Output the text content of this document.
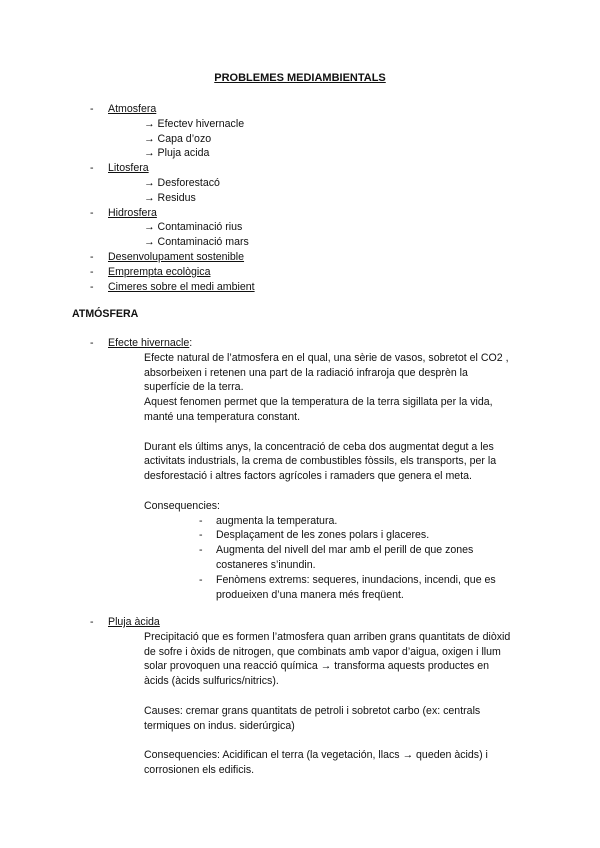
PROBLEMES MEDIAMBIENTALS
- Atmosfera
→ Efectev hivernacle
→ Capa d’ozo
→ Pluja acida
- Litosfera
→ Desforestacó
→ Residus
- Hidrosfera
→ Contaminació rius
→ Contaminació mars
- Desenvolupament sostenible
- Emprempta ecològica
- Cimeres sobre el medi ambient
ATMÓSFERA
- Efecte hivernacle:
Efecte natural de l’atmosfera en el qual, una sèrie de vasos, sobretot el CO2 , absorbeixen i retenen una part de la radiació infraroja que desprèn la superfície de la terra.
Aquest fenomen permet que la temperatura de la terra sigillata per la vida, manté una temperatura constant.
Durant els últims anys, la concentració de ceba dos augmentat degut a les activitats industrials, la crema de combustibles fòssils, els transports, per la desforestació i altres factors agrícoles i ramaders que genera el meta.
Consequencies:
- augmenta la temperatura.
- Desplaçament de les zones polars i glaceres.
- Augmenta del nivell del mar amb el perill de que zones costaneres s’inundin.
- Fenòmens extrems: sequeres, inundacions, incendi, que es produeixen d’una manera més freqüent.
- Pluja àcida
Precipitació que es formen l’atmosfera quan arriben grans quantitats de diòxid de sofre i òxids de nitrogen, que combinats amb vapor d’aigua, oxigen i llum solar provoquen una reacció química → transforma aquests productes en àcids (àcids sulfurics/nitrics).
Causes: cremar grans quantitats de petroli i sobretot carbo (ex: centrals termiques on indus. siderúrgica)
Consequencies: Acidifican el terra (la vegetación, llacs → queden àcids) i corrosionen els edificis.
